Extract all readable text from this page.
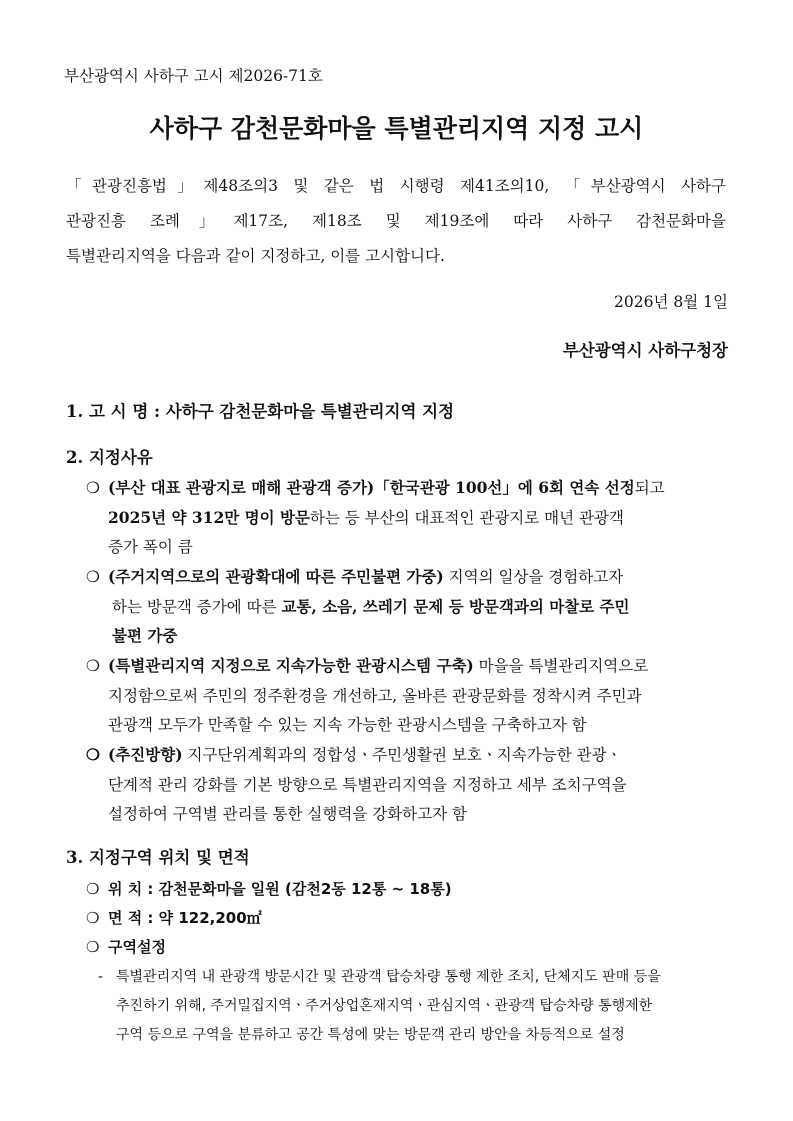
부산광역시 사하구 고시 제2026-71호
사하구 감천문화마을 특별관리지역 지정 고시
「관광진흥법」제48조의3 및 같은 법 시행령 제41조의10, 「부산광역시 사하구
관광진흥 조례」제17조, 제18조 및 제19조에 따라 사하구 감천문화마을
특별관리지역을 다음과 같이 지정하고, 이를 고시합니다.
2026년 8월 1일
부산광역시 사하구청장
1. 고 시 명 : 사하구 감천문화마을 특별관리지역 지정
2. 지정사유
❍ (부산 대표 관광지로 매해 관광객 증가)「한국관광 100선」에 6회 연속 선정되고
2025년 약 312만 명이 방문하는 등 부산의 대표적인 관광지로 매년 관광객
증가 폭이 큼
❍ (주거지역으로의 관광확대에 따른 주민불편 가중) 지역의 일상을 경험하고자
하는 방문객 증가에 따른 교통, 소음, 쓰레기 문제 등 방문객과의 마찰로 주민
불편 가중
❍ (특별관리지역 지정으로 지속가능한 관광시스템 구축) 마을을 특별관리지역으로
지정함으로써 주민의 정주환경을 개선하고, 올바른 관광문화를 정착시켜 주민과
관광객 모두가 만족할 수 있는 지속 가능한 관광시스템을 구축하고자 함
❍ (추진방향) 지구단위계획과의 정합성ㆍ주민생활권 보호ㆍ지속가능한 관광ㆍ
단계적 관리 강화를 기본 방향으로 특별관리지역을 지정하고 세부 조치구역을
설정하여 구역별 관리를 통한 실행력을 강화하고자 함
3. 지정구역 위치 및 면적
❍ 위 치 : 감천문화마을 일원 (감천2동 12통 ~ 18통)
❍ 면 적 : 약 122,200㎡
❍ 구역설정
- 특별관리지역 내 관광객 방문시간 및 관광객 탑승차량 통행 제한 조치, 단체지도 판매 등을
추진하기 위해, 주거밀집지역ㆍ주거상업혼재지역ㆍ관심지역ㆍ관광객 탑승차량 통행제한
구역 등으로 구역을 분류하고 공간 특성에 맞는 방문객 관리 방안을 차등적으로 설정
